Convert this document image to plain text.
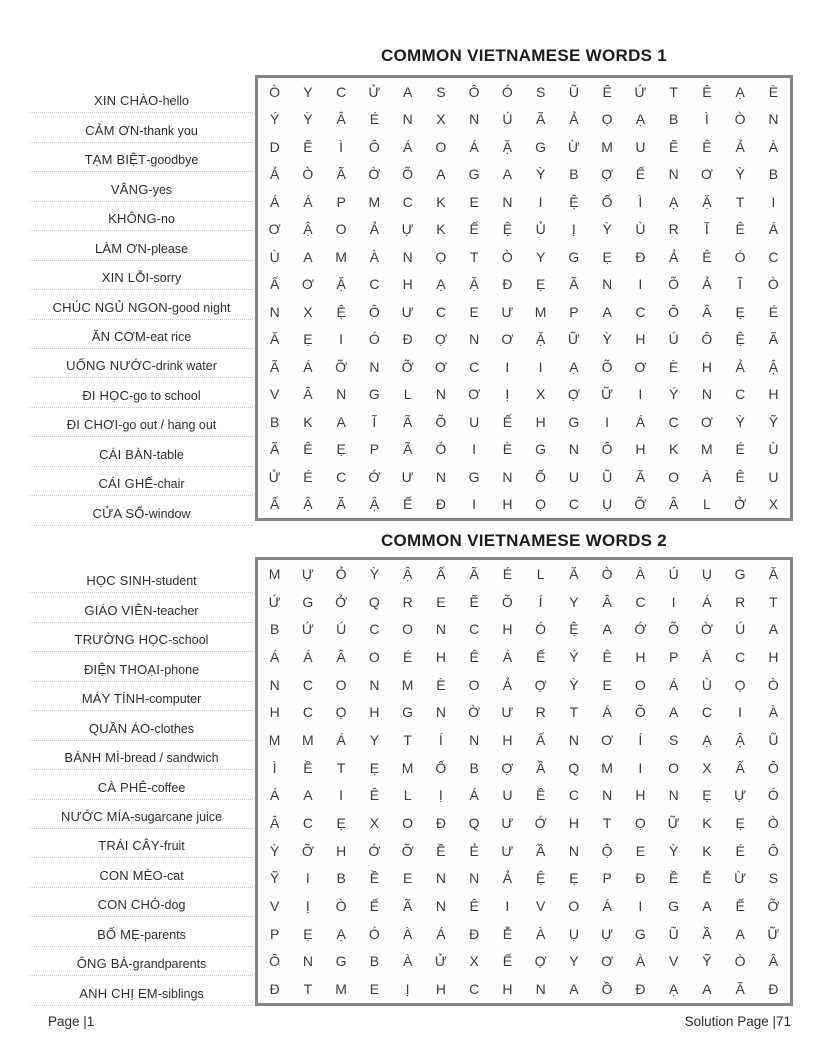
COMMON VIETNAMESE WORDS 1
XIN CHÀO - hello
CẢM ƠN - thank you
TẠM BIỆT - goodbye
VÂNG - yes
KHÔNG - no
LÀM ƠN - please
XIN LỖI - sorry
CHÚC NGỦ NGON - good night
ĂN CƠM - eat rice
UỐNG NƯỚC - drink water
ĐI HỌC - go to school
ĐI CHƠI - go out / hang out
CÁI BÀN - table
CÁI GHẾ - chair
CỬA SỔ - window
Ò	Y	C	Ử	A	S	Ô	Ó	S	Ũ	Ê	Ứ	T	Ê	Ạ	È
Ý	Ỳ	Â	É	N	X	N	Ú	Ã	Ả	Ọ	Ạ	B	Ì	Ò	N
D	Ẽ	Ì	Ô	Á	O	Á	Ặ	G	Ừ	M	U	Ẽ	Ê	Ả	À
Ả	Ò	Ã	Ờ	Õ	A	G	A	Ỳ	B	Ợ	Ế	N	Ơ	Ỳ	B
Á	Á	P	M	C	K	E	N	I	Ệ	Ố	Ì	Ạ	Ặ	T	I
Ơ	Ậ	O	Ả	Ự	K	Ế	Ệ	Ủ	Ị	Ỳ	Ù	R	Ĩ	Ê	Á
Ù	A	M	À	N	Ọ	T	Ò	Y	G	Ẹ	Đ	Ả	Ê	Ó	C
Ấ	Ơ	Ặ	C	H	Ạ	Ặ	Đ	Ẹ	Ã	N	I	Õ	Ả	Ĩ	Ò
N	X	Ệ	Ô	Ư	C	E	Ư	M	P	A	C	Ô	Â	Ẹ	É
Ă	Ẹ	I	Ó	Đ	Ợ	N	Ơ	Ặ	Ữ	Ỳ	H	Ú	Ô	Ệ	Ã
Ã	Á	Ỡ	N	Ỡ	Ơ	C	I	I	Ạ	Õ	Ơ	È	H	Ả	Ậ
V	Â	N	G	L	N	Ơ	Ị	X	Ợ	Ữ	I	Ý	N	C	H
B	K	A	Ĩ	Ã	Õ	U	Ế	H	G	I	Á	C	Ơ	Ỳ	Ỹ
Ã	Ê	Ẹ	P	Ã	Ó	I	È	G	N	Ô	H	K	M	É	Ù
Ử	É	C	Ớ	Ư	N	G	N	Ố	U	Ũ	Ã	O	À	Ê	U
Ấ	Ậ	Ã	Ậ	Ế	Đ	I	H	Ọ	C	Ụ	Ỡ	Â	L	Ở	X
COMMON VIETNAMESE WORDS 2
HỌC SINH - student
GIÁO VIÊN - teacher
TRƯỜNG HỌC - school
ĐIỆN THOẠI - phone
MÁY TÍNH - computer
QUẦN ÁO - clothes
BÁNH MÌ - bread / sandwich
CÀ PHÊ - coffee
NƯỚC MÍA - sugarcane juice
TRÁI CÂY - fruit
CON MÈO - cat
CON CHÓ - dog
BỐ MẸ - parents
ÔNG BÀ - grandparents
ANH CHỊ EM - siblings
M	Ự	Ỏ	Ỳ	Ậ	Ấ	Ã	É	L	Ă	Ò	À	Ú	Ụ	G	Ă
Ứ	G	Ở	Q	R	E	Ẽ	Õ	Í	Y	Â	C	I	Á	R	T
B	Ứ	Ú	C	O	N	C	H	Ó	Ệ	A	Ớ	Õ	Ờ	Ú	A
Á	Á	Â	O	É	H	Ê	Á	Ế	Ý	Ê	H	P	À	C	H
N	C	O	N	M	È	O	Ả	Ợ	Ỳ	E	O	Á	Ù	Ọ	Ò
H	C	Ọ	H	G	N	Ờ	Ư	R	T	Á	Õ	A	C	I	À
M	M	Á	Y	T	Í	N	H	Ấ	N	Ơ	Í	S	Ạ	Ậ	Ũ
Ì	Ề	T	Ẹ	M	Ố	B	Ợ	Ầ	Q	M	I	O	X	Ấ	Ô
Á	A	I	Ê	L	Ị	Á	U	Ề	C	N	H	N	Ẹ	Ự	Ó
Â	C	Ẹ	X	O	Đ	Q	Ư	Ớ	H	T	Ọ	Ữ	K	Ẹ	Ò
Ỳ	Ỡ	H	Ớ	Ỡ	Ề	Ẻ	Ư	Ầ	N	Ộ	E	Ỳ	K	É	Ô
Ỹ	I	B	Ề	E	N	N	Ả	Ệ	Ẹ	P	Đ	Ề	Ễ	Ừ	S
V	Ị	Ò	Ế	Ã	N	Ê	I	V	O	Á	I	G	A	Ế	Ỡ
P	Ẹ	Ạ	Ó	À	Á	Đ	Ễ	À	Ụ	Ự	G	Ũ	Ầ	A	Ữ
Ô	N	G	B	À	Ử	X	Ế	Ợ	Y	Ơ	À	V	Ỹ	Ò	Â
Đ	T	M	E	Ị	H	C	H	N	A	Ồ	Đ	Ạ	A	Ã	Đ
Page |1	Solution Page |71
